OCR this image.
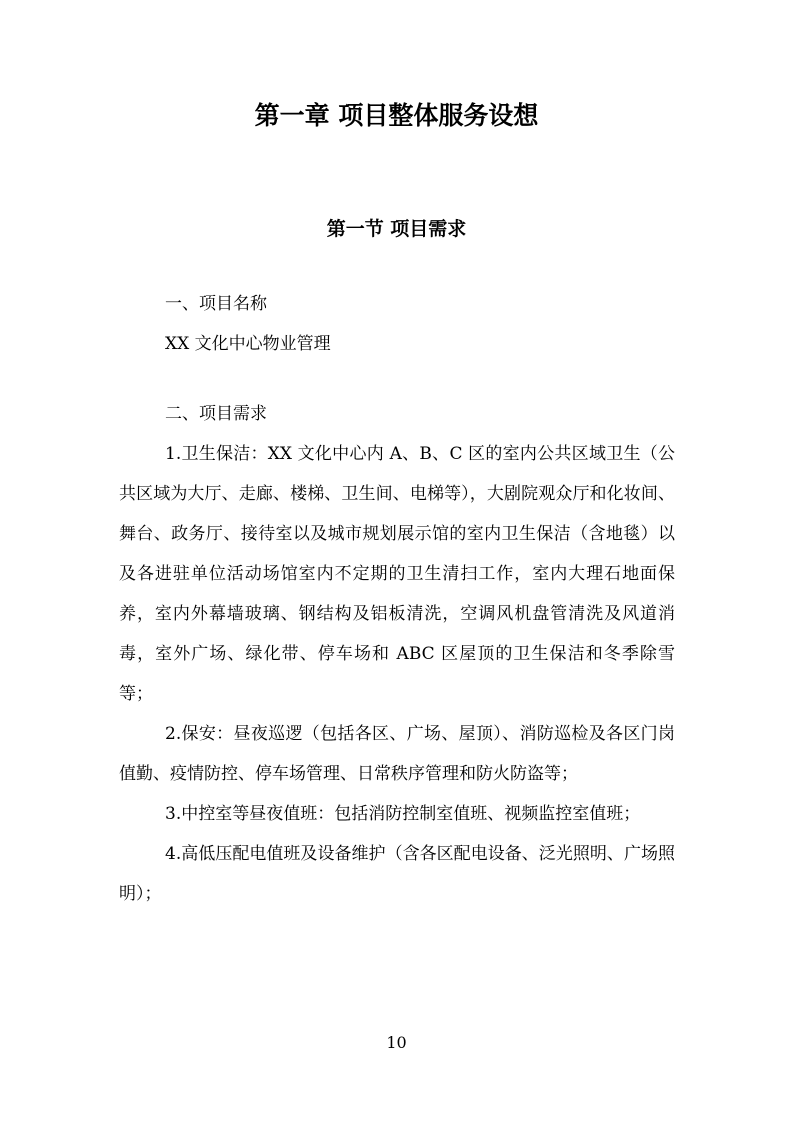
第一章 项目整体服务设想
第一节 项目需求

一、项目名称

XX 文化中心物业管理

二、项目需求

1.卫生保洁：XX 文化中心内 A、B、C 区的室内公共区域卫生（公共区域为大厅、走廊、楼梯、卫生间、电梯等），大剧院观众厅和化妆间、舞台、政务厅、接待室以及城市规划展示馆的室内卫生保洁（含地毯）以及各进驻单位活动场馆室内不定期的卫生清扫工作，室内大理石地面保养，室内外幕墙玻璃、钢结构及铝板清洗，空调风机盘管清洗及风道消毒，室外广场、绿化带、停车场和 ABC 区屋顶的卫生保洁和冬季除雪等；

2.保安：昼夜巡逻（包括各区、广场、屋顶）、消防巡检及各区门岗值勤、疫情防控、停车场管理、日常秩序管理和防火防盗等；

3.中控室等昼夜值班：包括消防控制室值班、视频监控室值班；

4.高低压配电值班及设备维护（含各区配电设备、泛光照明、广场照明）；

10
